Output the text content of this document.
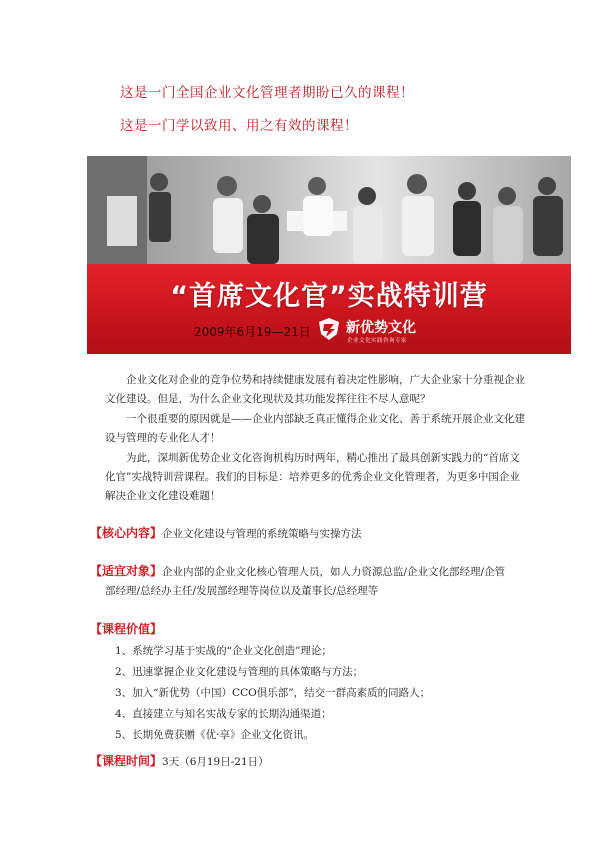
这是一门全国企业文化管理者期盼已久的课程！
这是一门学以致用、用之有效的课程！
“首席文化官”实战特训营
2009年6月19—21日	新优势文化
企业文化实践咨询专家
企业文化对企业的竞争位势和持续健康发展有着决定性影响，广大企业家十分重视企业文化建设。但是，为什么企业文化现状及其功能发挥往往不尽人意呢？
一个很重要的原因就是——企业内部缺乏真正懂得企业文化、善于系统开展企业文化建设与管理的专业化人才！
为此，深圳新优势企业文化咨询机构历时两年，精心推出了最具创新实践力的“首席文化官”实战特训营课程。我们的目标是：培养更多的优秀企业文化管理者，为更多中国企业解决企业文化建设难题！
【核心内容】企业文化建设与管理的系统策略与实操方法
【适宜对象】企业内部的企业文化核心管理人员，如人力资源总监/企业文化部经理/企管
部经理/总经办主任/发展部经理等岗位以及董事长/总经理等
【课程价值】
1、系统学习基于实战的“企业文化创造”理论；
2、迅速掌握企业文化建设与管理的具体策略与方法；
3、加入“新优势（中国）CCO俱乐部”，结交一群高素质的同路人；
4、直接建立与知名实战专家的长期沟通渠道；
5、长期免费获赠《优·享》企业文化资讯。
【课程时间】3天（6月19日-21日）
